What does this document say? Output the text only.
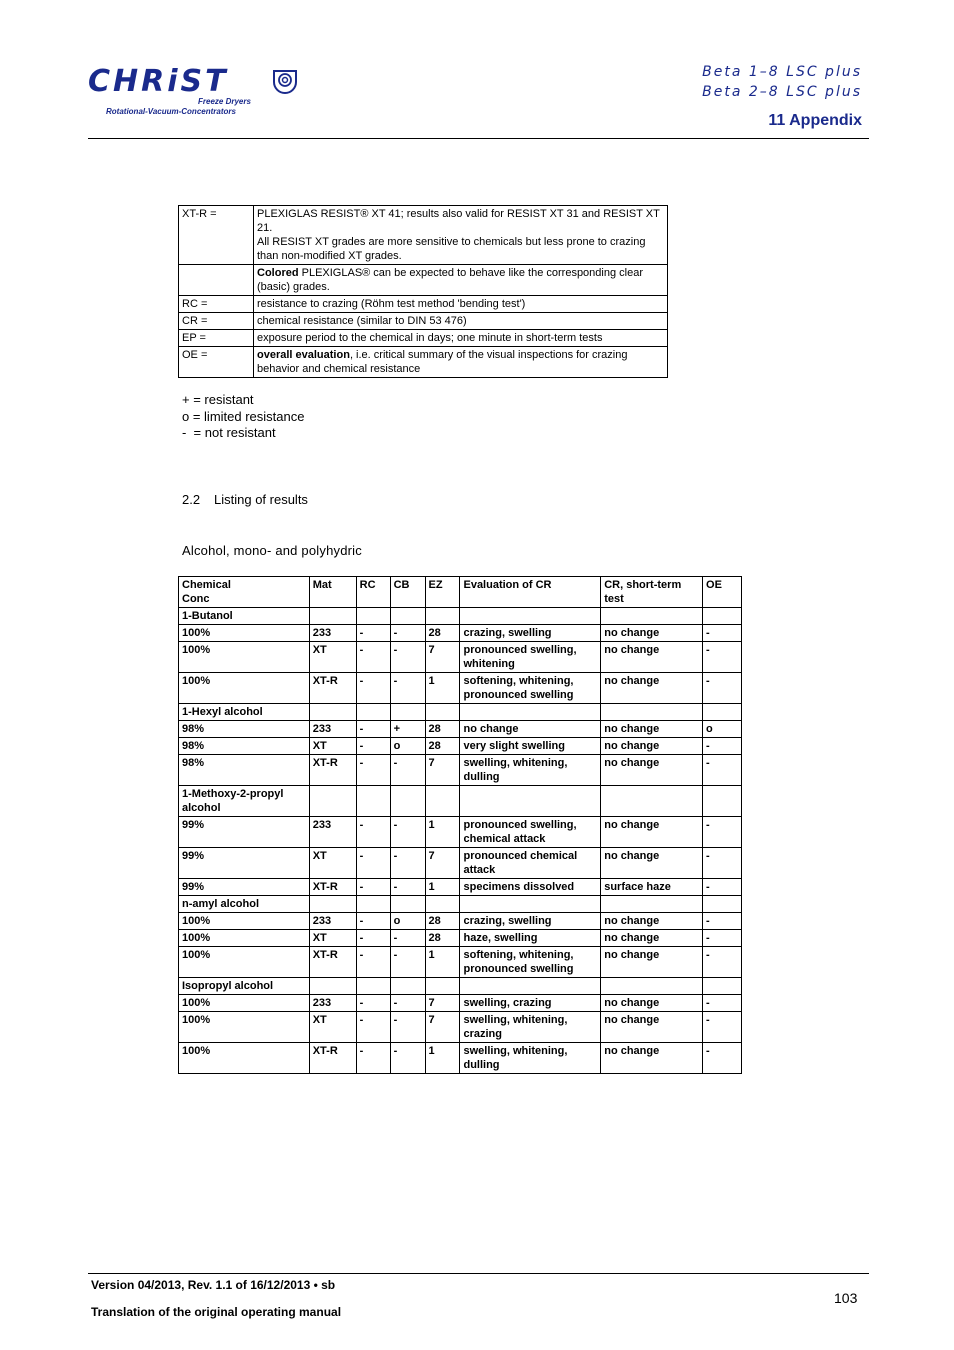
CHRiST
Freeze Dryers
Rotational-Vacuum-Concentrators
Beta 1–8 LSC plus
Beta 2–8 LSC plus
11 Appendix
XT-R =	PLEXIGLAS RESIST® XT 41; results also valid for RESIST XT 31 and RESIST XT 21.
All RESIST XT grades are more sensitive to chemicals but less prone to crazing than non-modified XT grades.
	Colored PLEXIGLAS® can be expected to behave like the corresponding clear (basic) grades.
RC =	resistance to crazing (Röhm test method 'bending test')
CR =	chemical resistance (similar to DIN 53 476)
EP =	exposure period to the chemical in days; one minute in short-term tests
OE =	overall evaluation, i.e. critical summary of the visual inspections for crazing behavior and chemical resistance
+ = resistant
o = limited resistance
-  = not resistant
2.2 Listing of results
Alcohol, mono- and polyhydric
Chemical
Conc	Mat	RC	CB	EZ	Evaluation of CR	CR, short-term test	OE
1-Butanol							
100%	233	-	-	28	crazing, swelling	no change	-
100%	XT	-	-	7	pronounced swelling, whitening	no change	-
100%	XT-R	-	-	1	softening, whitening, pronounced swelling	no change	-
1-Hexyl alcohol							
98%	233	-	+	28	no change	no change	o
98%	XT	-	o	28	very slight swelling	no change	-
98%	XT-R	-	-	7	swelling, whitening, dulling	no change	-
1-Methoxy-2-propyl alcohol							
99%	233	-	-	1	pronounced swelling, chemical attack	no change	-
99%	XT	-	-	7	pronounced chemical attack	no change	-
99%	XT-R	-	-	1	specimens dissolved	surface haze	-
n-amyl alcohol							
100%	233	-	o	28	crazing, swelling	no change	-
100%	XT	-	-	28	haze, swelling	no change	-
100%	XT-R	-	-	1	softening, whitening, pronounced swelling	no change	-
Isopropyl alcohol							
100%	233	-	-	7	swelling, crazing	no change	-
100%	XT	-	-	7	swelling, whitening, crazing	no change	-
100%	XT-R	-	-	1	swelling, whitening, dulling	no change	-
Version 04/2013, Rev. 1.1 of 16/12/2013 • sb
Translation of the original operating manual
103
